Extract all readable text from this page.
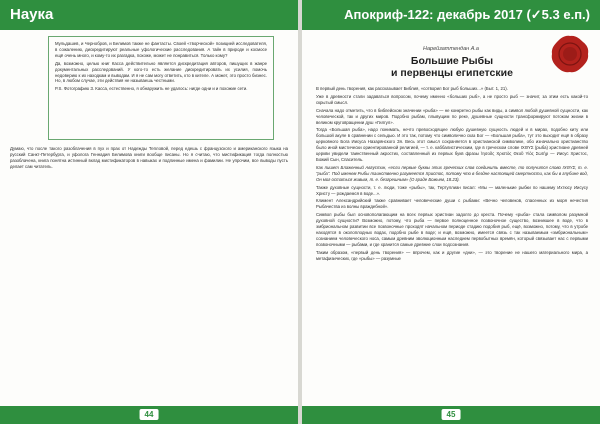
Наука

Мульдашев, и Чернобров, и Белимов также не фантасты. Своей «творческой» позицией исследователя, в сожалению, дискредитируют реальные уфологические расследования. А тайн в природе и космосе ещё очень много, и кому-то их разгадка, похоже, может не понравиться. Только кому?

Да, возможно, целью книг Касса действительно является дискредитация авторов, пишущих в жанре документальных расследований. У кого-то есть желание дискредитировать их усилия, помочь недоверию к их находкам и выводам. И я не сам могу ответить, кто в кителе. А может, это просто бизнес. Но, в любом случае, эти действия не называешь честными.

P.S. Фотографию З. Касса, естественно, я обнаружить не удалось: нигде одни и и похожие сети.

Думаю, что после такого разоблачения в пух и прах от Надежды Тепловой, перед едешь с французского и американского языка на русский Санкт-Петербурга, и уфолога Геннадия Белимова книги вообще писаны. Но я считаю, что мистификация тогда полностью разоблачена, книга понятна истинный вклад мистификаторов в навыках и подлинные имена и фамилии. Не упрочим, все выводы пусть делает сам читатель.

44
Апокриф-122: декабрь 2017 (✓5.3 е.п.)
Нарейзаттендан А.а
Большие Рыбы
и первенцы египетские

В первый день творения, как рассказывает Библия, «сотворил Бог рыб больших...» (Быт. 1, 21).

Уже в древности стали задаваться вопросом, почему именно «больших рыб», а не просто рыб — значит, за этим есть какой-то скрытый смысл.

Сначала надо отметить, что в библейском значении «рыба» — не конкретно рыбы как виды, а символ любой душевной сущности, как человеческой, так и других миров. Подобно рыбам, плывущим по реке, душевные сущности трансформируют потоком жизни в великом круговращении душ «Гилгул».

Тогда «Большая рыба», надо понимать, нечто превосходящее любую душевную сущность людей и в мирах, подобно киту или большой акуле в сравнении с сельдью. И это так, потому что символично сказ Бог — «Большая рыба», тут это выходит ещё в образу церковного Бога Иисуса Назарянского Зя. Весь этот смысл сохраняется в христианской символике, обо изначально христианство было иной мистически ориентированной религией, — т. е. каббалистическим, где в греческом слове ΙΧΘΥΣ (рыба) христиане древней церкви увидели таинственный акростих, составленный из первых букв фразы Ἰησοῦς Χριστὸς Θεοῦ Υἱὸς Σωτήρ — Иисус Христос, Божий Сын, Спаситель.

Как пишет Блаженный Августин, «если первые буквы этих греческих слов соединить вместе, то получится слово ΙΧΘΥΣ, т. е. "рыба". Под именем Рыбы таинственно разумеется Христос, потому что в бездне настоящей смертности, как бы в глубине вод, Он мог остаться живым, т. е. безгрешным» (О граде Божьем, 18.23).

Также духовные сущности, т. е. люди, тоже «рыбы», так, Тертуллиан писал: «Мы — маленькие рыбки по нашему Ихтюсу Иисусу Христу — рождаемся в воде...».

Климент Александрийский также сравнивает человеческие души с рыбами: «Вечно человеков, спасенных из моря нечестия Рыбачества из волны враждебной».

Символ рыбы был основополагающим на всех первых христиан задолго до креста. Почему «рыба» стала символом разумной духовной сущности? Возможно, потому, что рыба — первое полноценное позвоночное существо, возникшее в воде, что в эмбриональном развитии все позвоночные проходят начальном периоде стадию подобия рыб, ещё, возможно, потому, что в утробе находятся в околоплодных водах, подобно рыбе в воде; и ещё, возможно, имеется связь с так называемым «эмбриональным» сознанием человеческого носа, самым древним эволюционным наследием первобытных времён, который связывает нас с первыми позвоночными — рыбами, и где хранится самые древние слои подсознания.

Таким образом, «первый день творения» — впрочем, как и другие «дни», — это творение не нашего материального мира, а метафизических, где «рыбы» — разумные

45
